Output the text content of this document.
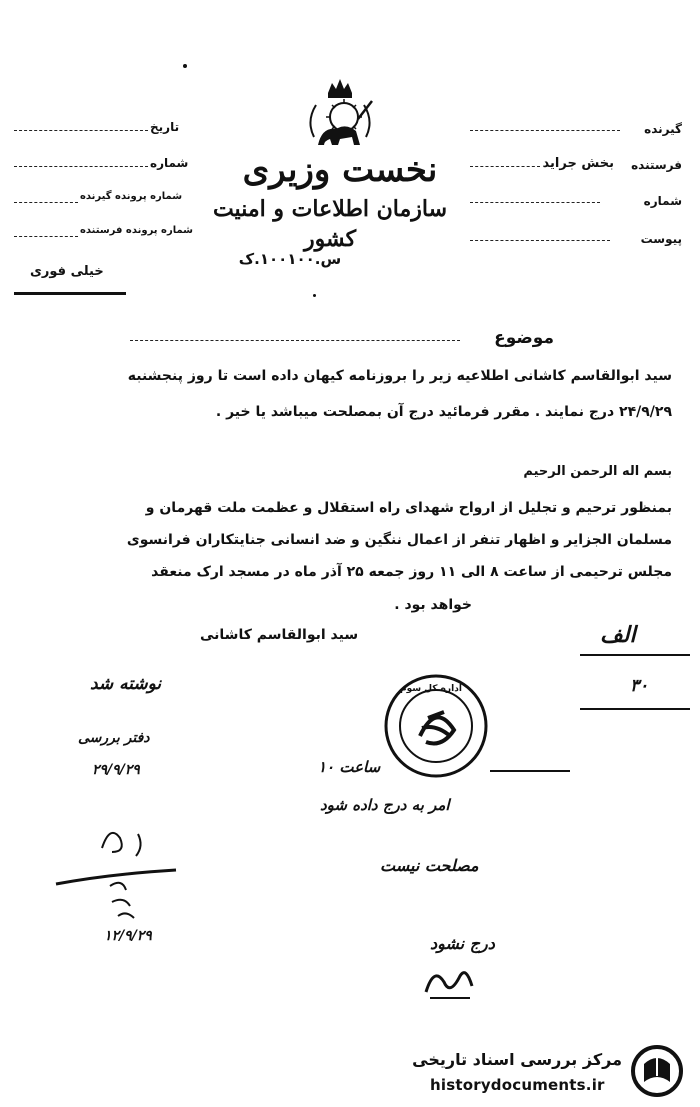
نخست وزیری
سازمان اطلاعات و امنیت کشور
س.۱۰۰۱۰۰.ک
گیرنده
فرستنده
بخش جراید
شماره
پیوست
تاریخ
شماره
شماره پرونده گیرنده
شماره پرونده فرستنده
خیلی فوری
موضوع
سید ابوالقاسم کاشانی اطلاعیه زیر را بروزنامه کیهان داده است تا روز پنجشنبه
۲۴/۹/۲۹ درج نمایند . مقرر فرمائید درج آن بمصلحت میباشد یا خیر .
بسم اله الرحمن الرحیم
بمنظور ترحیم و تجلیل از ارواح شهدای راه استقلال و عظمت ملت قهرمان و
مسلمان الجزایر و اظهار تنفر از اعمال ننگین و ضد انسانی جنایتکاران فرانسوی
مجلس ترحیمی از ساعت ۸ الی ۱۱ روز جمعه ۲۵ آذر ماه در مسجد ارک منعقد
خواهد بود .
سید ابوالقاسم کاشانی	الف
۳۰
نوشته شد
دفتر بررسی
۲۹/۹/۲۹
۱۲/۹/۲۹
اداره کل سوم
ساعت ۱۰
امر به درج داده شود
مصلحت نیست
درج نشود
مرکز بررسی اسناد تاریخی
historydocuments.ir
